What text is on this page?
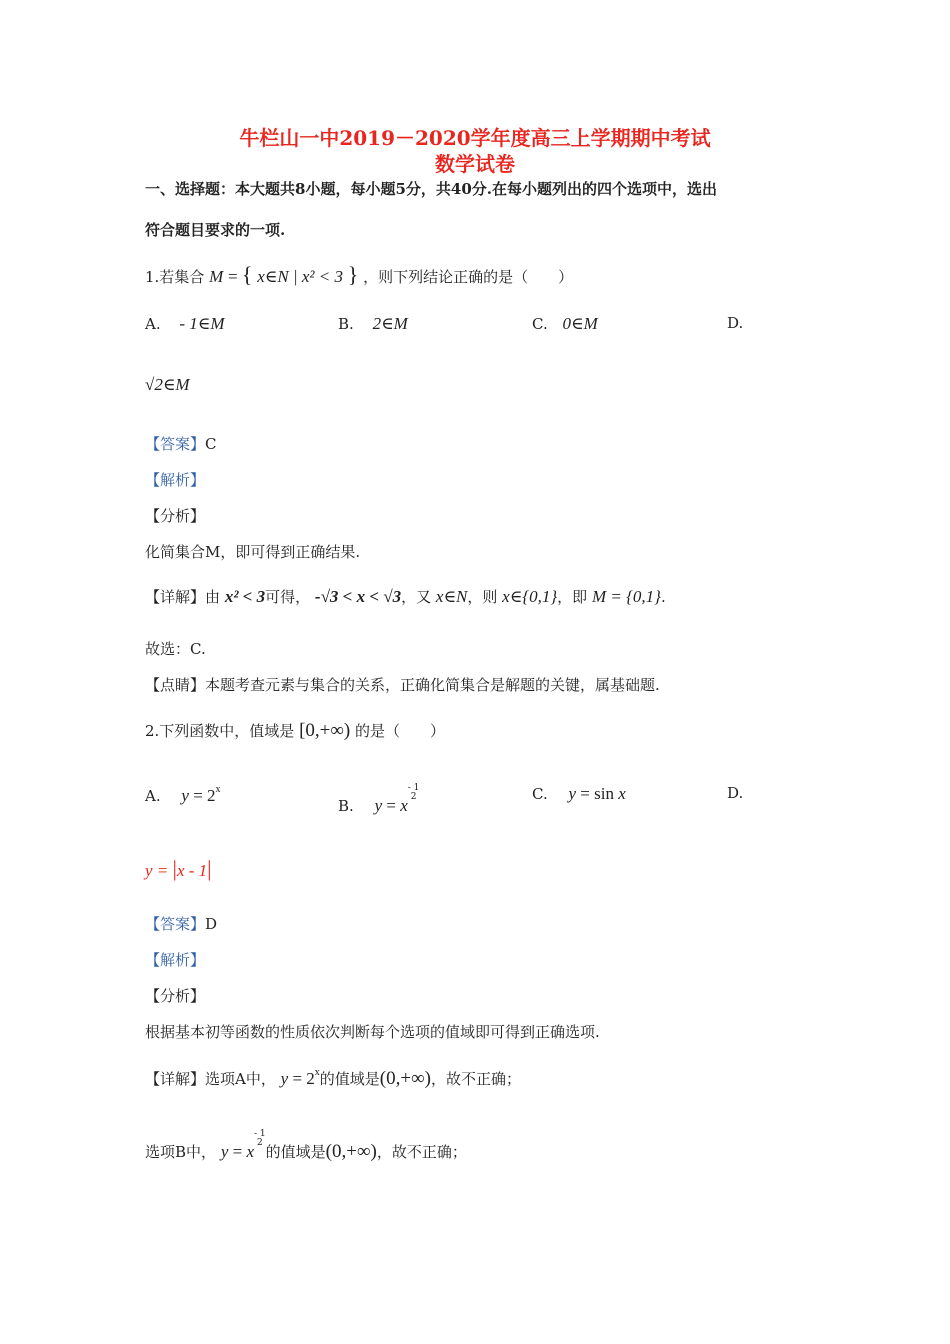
牛栏山一中2019－2020学年度高三上学期期中考试
数学试卷
一、选择题：本大题共8小题，每小题5分，共40分.在每小题列出的四个选项中，选出
符合题目要求的一项.
1.若集合 M = { x∈N | x² < 3 } ，则下列结论正确的是（　　）
A. - 1∈M	B. 2∈M	C. 0∈M	D.
√2∈M
【答案】C
【解析】
【分析】
化简集合M，即可得到正确结果.
【详解】由 x² < 3可得， -√3 < x < √3，又 x∈N，则 x∈{0,1}，即 M = {0,1}.
故选：C.
【点睛】本题考查元素与集合的关系，正确化简集合是解题的关键，属基础题.
2.下列函数中，值域是 [0,+∞) 的是（　　）
A. $y = 2^x$
B. y = x
- 1
2	C. y = sin x	D.
y = |x - 1|
【答案】D
【解析】
【分析】
根据基本初等函数的性质依次判断每个选项的值域即可得到正确选项.
【详解】选项A中， $y = 2^x$的值域是(0,+∞)，故不正确；
选项B中， y = x
- 1
2 的值域是(0,+∞)，故不正确；
